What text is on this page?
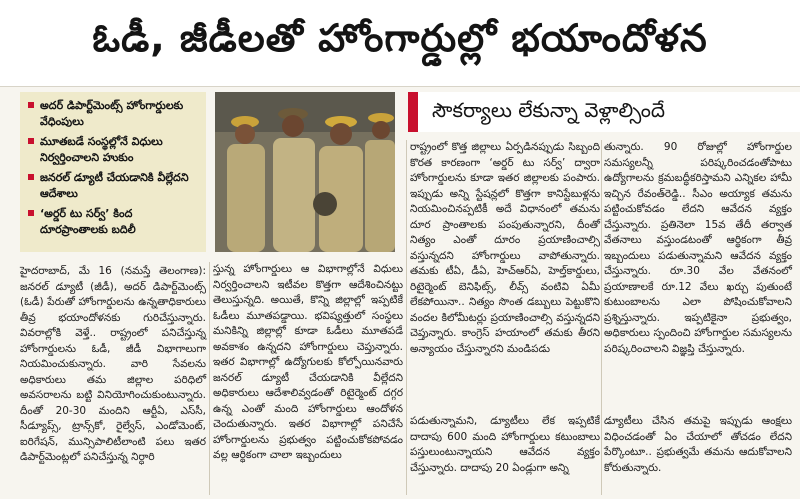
ఓడీ, జీడీలతో హోంగార్డుల్లో భయాందోళన
అదర్ డిపార్ట్‌మెంట్స్ హోంగార్డులకు వేధింపులు
మూతబడే సంస్థల్లోనే విధులు నిర్వర్తించాలని హుకుం
జనరల్ డ్యూటీ చేయడానికి వీల్లేదని ఆదేశాలు
‘అర్డర్ టు సర్వ్’ కింద దూరప్రాంతాలకు బదిలీ
సౌకర్యాలు లేకున్నా వెళ్లాల్సిందే

హైదరాబాద్, మే 16 (నమస్తే తెలంగాణ): జనరల్ డ్యూటీ (జీడీ), అదర్ డిపార్ట్‌మెంట్స్ (ఓడీ) పేరుతో హోంగార్డులను ఉన్నతాధికారులు తీవ్ర భయాందోళనకు గురిచేస్తున్నారు. వివరాల్లోకి వెళ్తే.. రాష్ట్రంలో పనిచేస్తున్న హోంగార్డులను ఓడీ, జీడీ విభాగాలుగా నియమించుకున్నారు. వారి సేవలను అధికారులు తమ జిల్లాల పరిధిలో అవసరాలను బట్టి వినియోగించుకుంటున్నారు. దీంతో 20-30 మందిని ఆర్టీఏ, ఎస్‌సీ, సీడ్యూప్స్, ట్రాన్స్‌కో, రైల్వేస్, ఎండోమెంట్, ఐరిగేషన్, మున్సిపాలిటీలాంటి పలు ఇతర డిపార్ట్‌మెంట్లలో పనిచేస్తున్న నిర్ధారి

స్తున్న హోంగార్డులు ఆ విభాగాల్లోనే విధులు నిర్వర్తించాలని ఇటీవల కొత్తగా ఆదేశించినట్టు తెలుస్తున్నది. అయితే, కొన్ని జిల్లాల్లో ఇప్పటికే ఓడీలు మూతపడ్డాయి. భవిష్యత్తులో సంస్థలు మనికిన్ని జిల్లాల్లో కూడా ఓడీలు మూతపడే అవకాశం ఉన్నదని హోంగార్డులు చెప్తున్నారు. ఇతర విభాగాల్లో ఉద్యోగులకు కోల్పోయినవారు జనరల్ డ్యూటీ చేయడానికి వీల్లేదని అధికారులు ఆదేశాలివ్వడంతో రిటైర్మెంట్ దగ్గర ఉన్న ఎంతో మంది హోంగార్డులు ఆందోళన చెందుతున్నారు. ఇతర విభాగాల్లో పనిచేసే హోంగార్డులను ప్రభుత్వం పట్టించుకోకపోవడం వల్ల ఆర్థికంగా చాలా ఇబ్బందులు

రాష్ట్రంలో కొత్త జిల్లాలు ఏర్పడినప్పుడు సిబ్బంది కొరత కారణంగా ‘అర్డర్ టు సర్వ్’ ద్వారా హోంగార్డులను కూడా ఇతర జిల్లాలకు పంపారు. ఇప్పుడు అన్ని స్టేషన్లలో కొత్తగా కానిస్టేబుళ్లను నియమించినప్పటికీ అదే విధానంలో తమను దూర ప్రాంతాలకు పంపుతున్నారని, దీంతో నిత్యం ఎంతో దూరం ప్రయాణించాల్సి వస్తున్నదని హోంగార్డులు వాపోతున్నారు. తమకు టీఏ, డీఏ, హెచ్‌ఆర్‌ఏ, హెల్త్‌కార్డులు, రిటైర్మెంట్ బెనిఫిట్స్, లీవ్స్ వంటివి ఏమీ లేకపోయినా.. నిత్యం సొంత డబ్బులు పెట్టుకొని వందల కిలోమీటర్లు ప్రయాణించాల్సి వస్తున్నదని చెప్తున్నారు. కాంగ్రెస్ హయాంలో తమకు తీరని అన్యాయం చేస్తున్నారని మండిపడు

తున్నారు. 90 రోజుల్లో హోంగార్డుల సమస్యలన్నీ పరిష్కరించడంతోపాటు ఉద్యోగాలను క్రమబద్ధీకరిస్తామని ఎన్నికల హామీ ఇచ్చిన రేవంత్‌రెడ్డి.. సీఎం అయ్యాక తమను పట్టించుకోవడం లేదని ఆవేదన వ్యక్తం చేస్తున్నారు. ప్రతినెలా 15వ తేదీ తర్వాత వేతనాలు వస్తుండటంతో ఆర్థికంగా తీవ్ర ఇబ్బందులు పడుతున్నామని ఆవేదన వ్యక్తం చేస్తున్నారు. రూ.30 వేల వేతనంలో ప్రయాణాలకే రూ.12 వేలు ఖర్చు పుతుంటే కుటుంబాలను ఎలా పోషించుకోవాలని ప్రశ్నిస్తున్నారు. ఇప్పటికైనా ప్రభుత్వం, అధికారులు స్పందించి హోంగార్డుల సమస్యలను పరిష్కరించాలని విజ్ఞప్తి చేస్తున్నారు.

పడుతున్నామని, డ్యూటీలు లేక ఇప్పటికే దాదాపు 600 మంది హోంగార్డులు కటుంబాలు పస్తులుంటున్నాయని ఆవేదన వ్యక్తం చేస్తున్నారు. దాదాపు 20 ఏండ్లుగా అన్ని

డ్యూటీలు చేసిన తమపై ఇప్పుడు ఆంక్షలు విధించడంతో ఏం చేయాలో తోచడం లేదని పేర్కొంటూ.. ప్రభుత్వమే తమను ఆదుకోవాలని కోరుతున్నారు.
